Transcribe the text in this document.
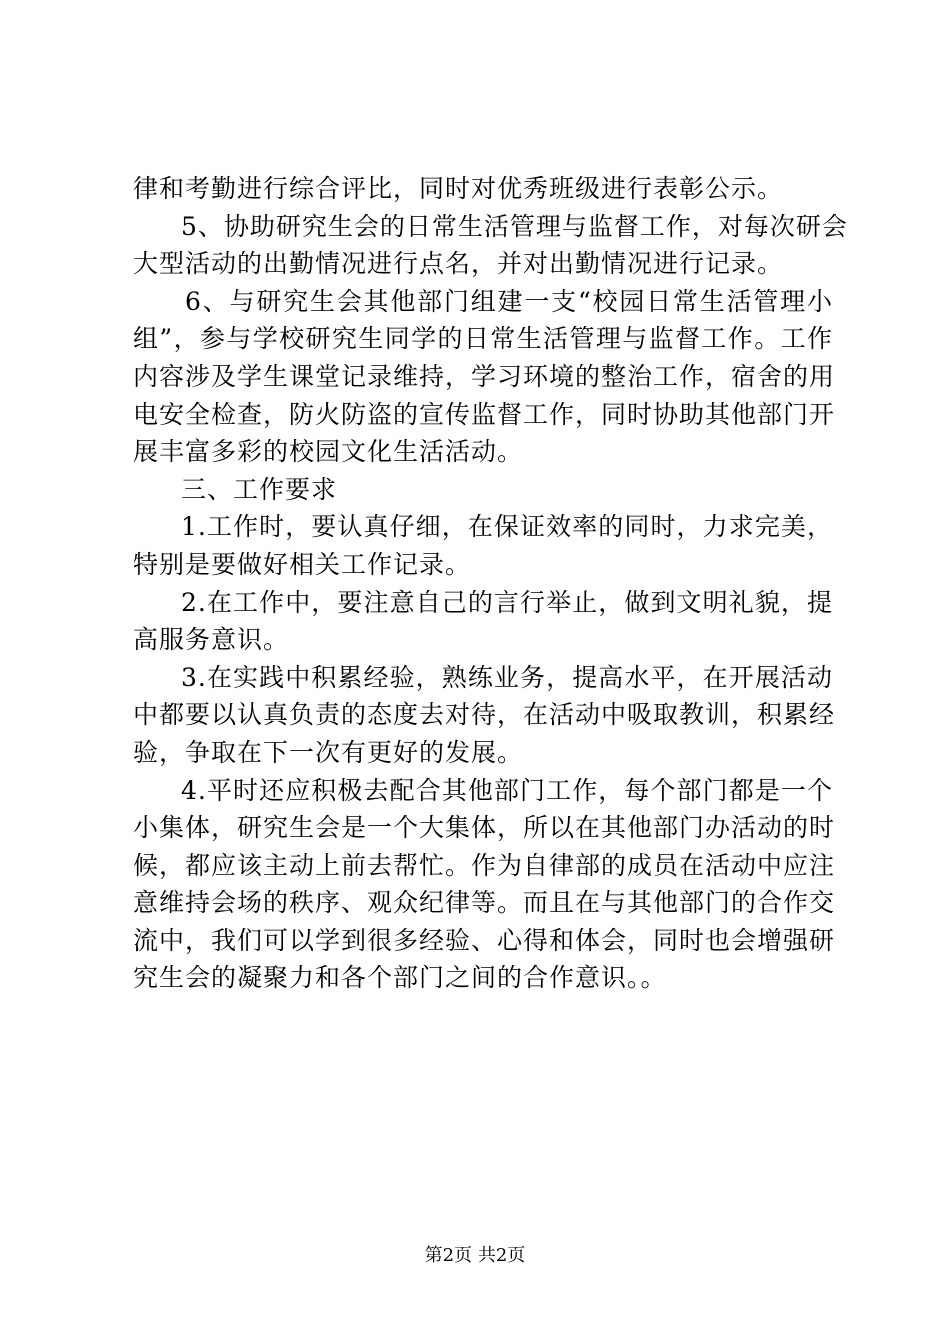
律和考勤进行综合评比，同时对优秀班级进行表彰公示。
5、协助研究生会的日常生活管理与监督工作，对每次研会
大型活动的出勤情况进行点名，并对出勤情况进行记录。
6、与研究生会其他部门组建一支“校园日常生活管理小
组”，参与学校研究生同学的日常生活管理与监督工作。工作
内容涉及学生课堂记录维持，学习环境的整治工作，宿舍的用
电安全检查，防火防盗的宣传监督工作，同时协助其他部门开
展丰富多彩的校园文化生活活动。
三、工作要求
1.工作时，要认真仔细，在保证效率的同时，力求完美，
特别是要做好相关工作记录。
2.在工作中，要注意自己的言行举止，做到文明礼貌，提
高服务意识。
3.在实践中积累经验，熟练业务，提高水平，在开展活动
中都要以认真负责的态度去对待，在活动中吸取教训，积累经
验，争取在下一次有更好的发展。
4.平时还应积极去配合其他部门工作，每个部门都是一个
小集体，研究生会是一个大集体，所以在其他部门办活动的时
候，都应该主动上前去帮忙。作为自律部的成员在活动中应注
意维持会场的秩序、观众纪律等。而且在与其他部门的合作交
流中，我们可以学到很多经验、心得和体会，同时也会增强研
究生会的凝聚力和各个部门之间的合作意识。。
第2页 共2页
